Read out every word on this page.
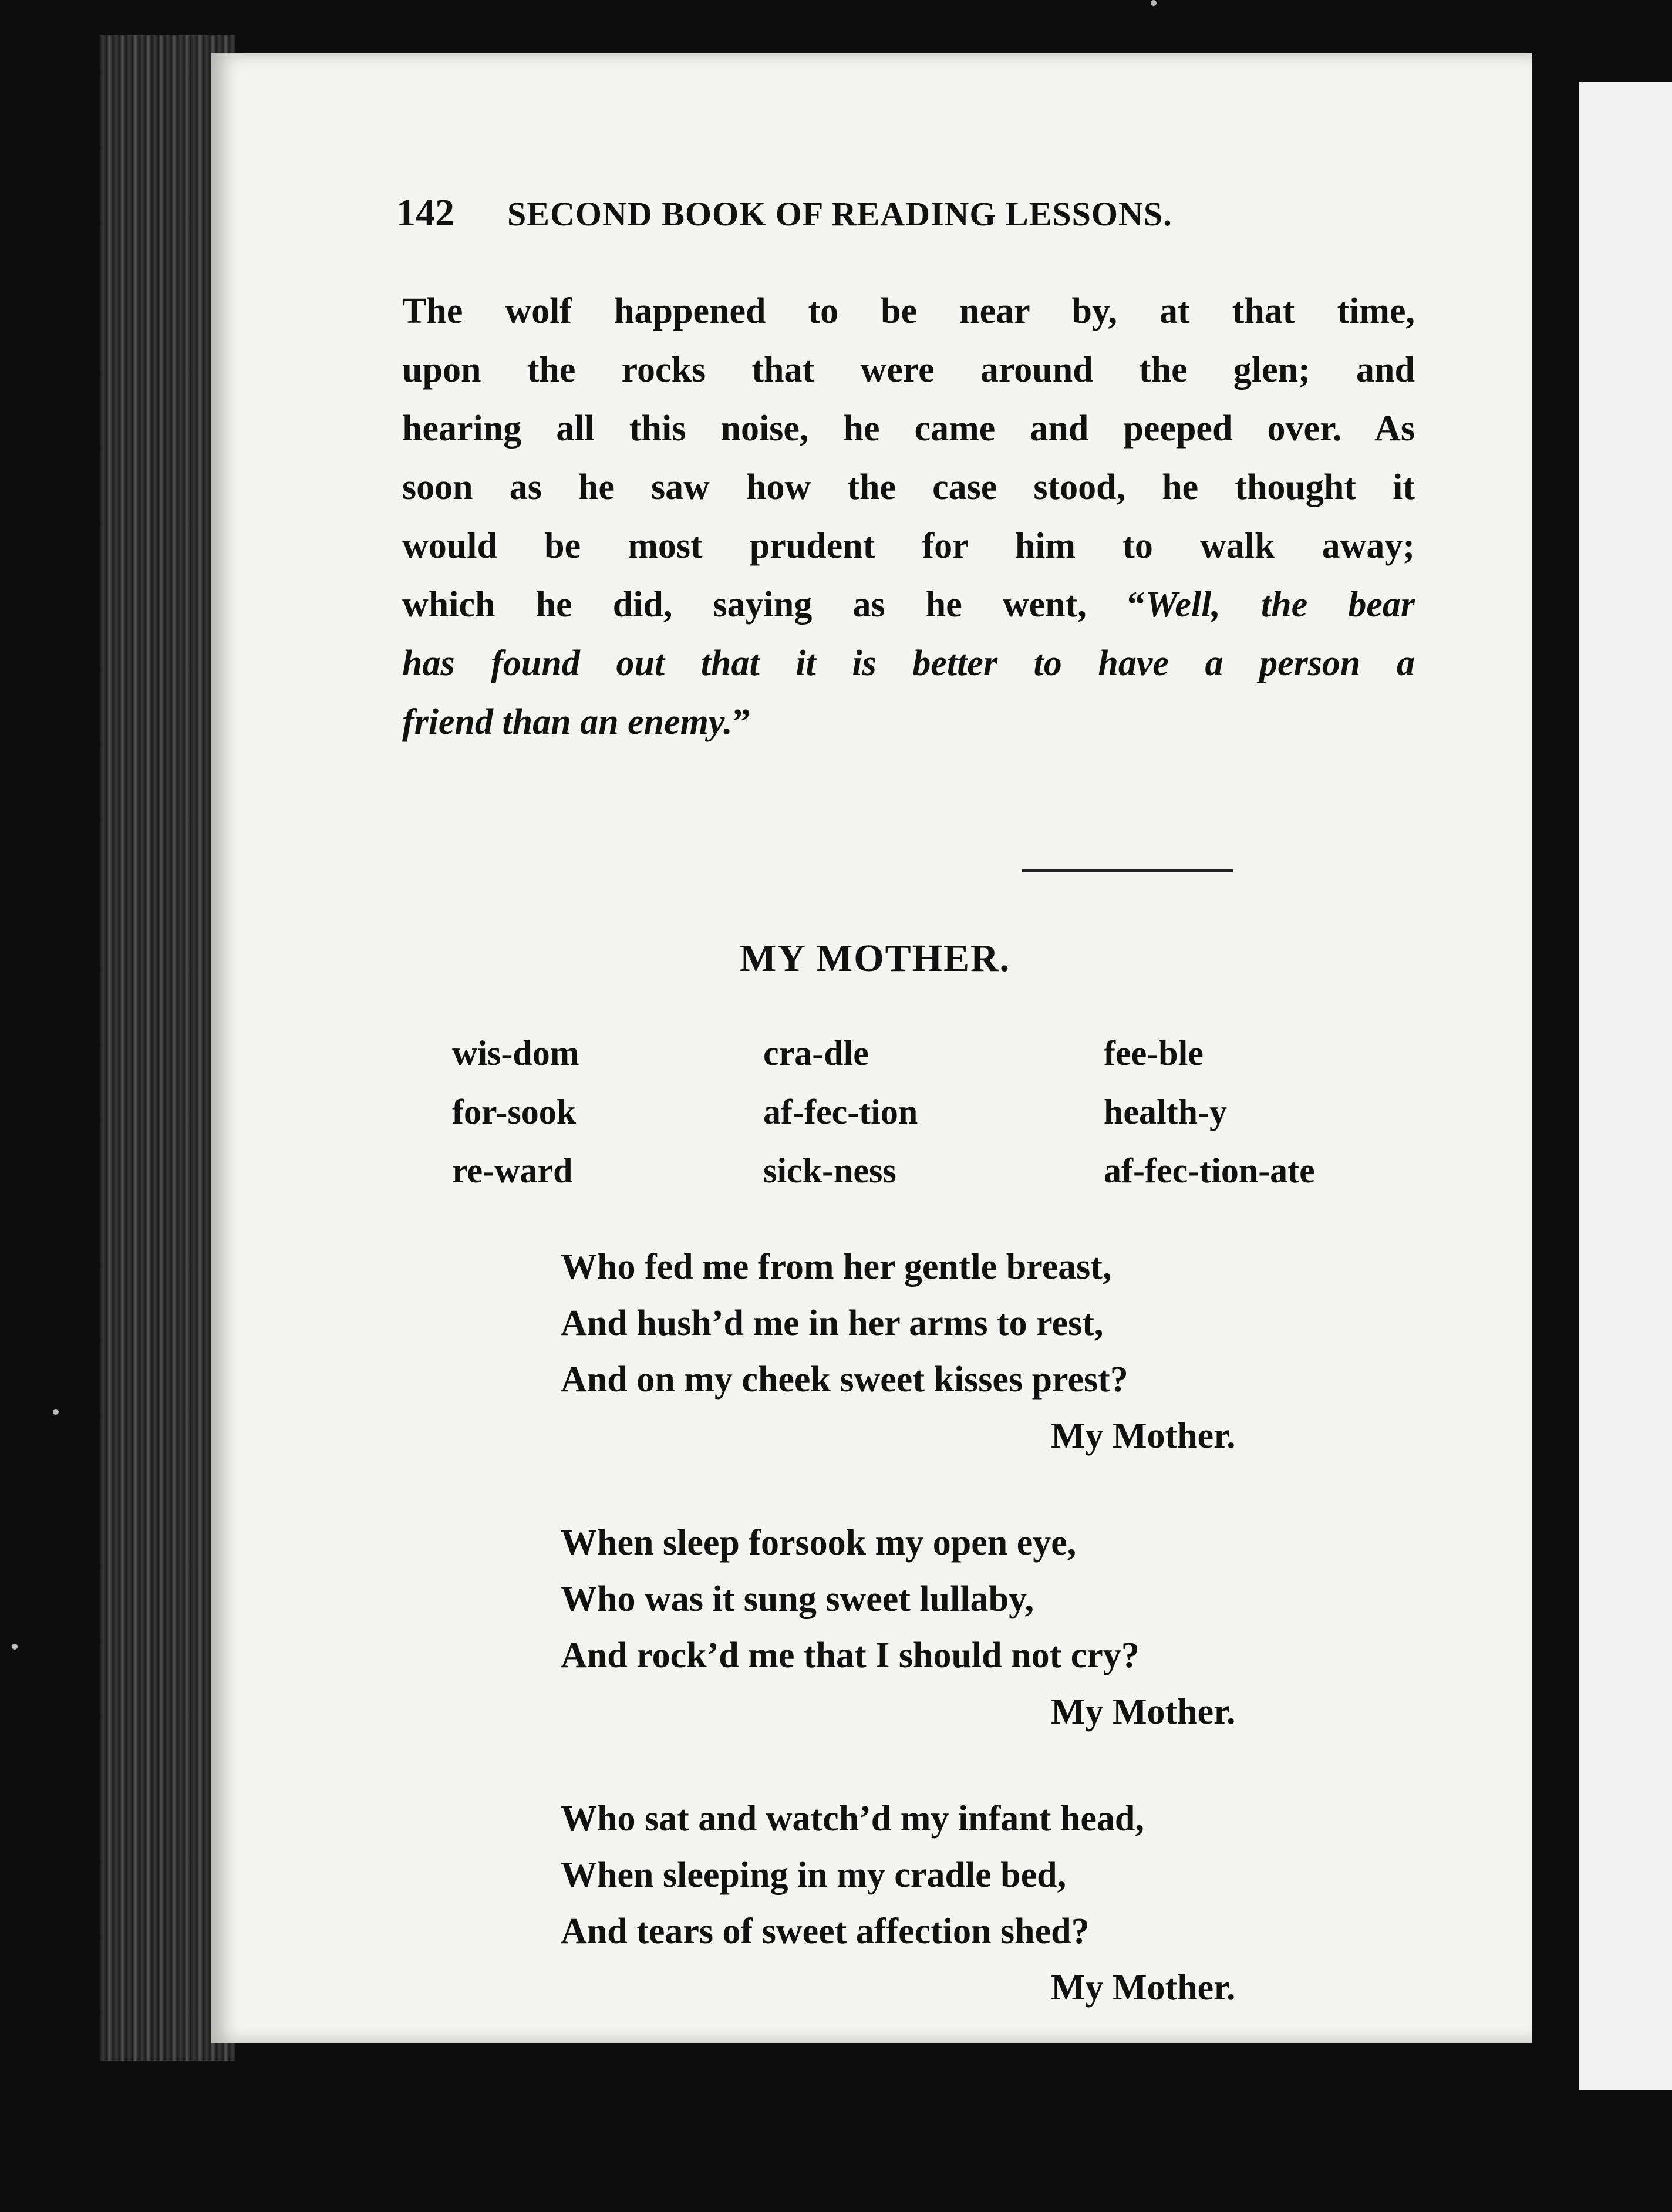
142 SECOND BOOK OF READING LESSONS.
The wolf happened to be near by, at that time,
upon the rocks that were around the glen; and
hearing all this noise, he came and peeped over. As
soon as he saw how the case stood, he thought it
would be most prudent for him to walk away;
which he did, saying as he went, “Well, the bear
has found out that it is better to have a person a
friend than an enemy.”
MY MOTHER.
wis-dom	cra-dle	fee-ble
for-sook	af-fec-tion	health-y
re-ward	sick-ness	af-fec-tion-ate
Who fed me from her gentle breast,
And hush’d me in her arms to rest,
And on my cheek sweet kisses prest?
My Mother.
When sleep forsook my open eye,
Who was it sung sweet lullaby,
And rock’d me that I should not cry?
My Mother.
Who sat and watch’d my infant head,
When sleeping in my cradle bed,
And tears of sweet affection shed?
My Mother.
